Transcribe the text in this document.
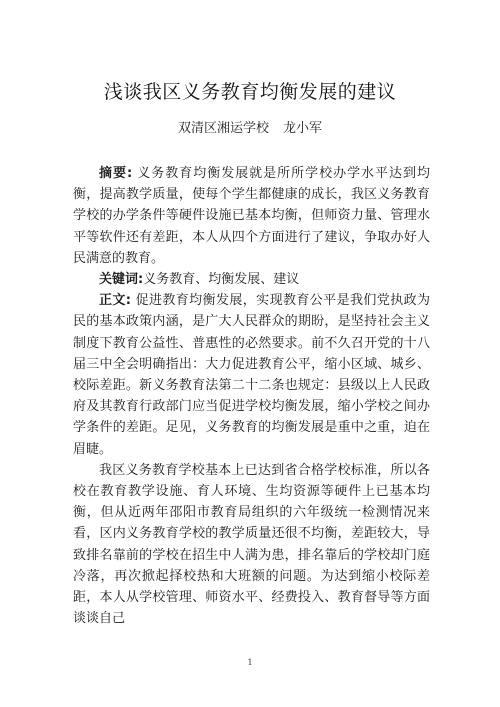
浅谈我区义务教育均衡发展的建议
双清区湘运学校 龙小军

摘要: 义务教育均衡发展就是所所学校办学水平达到均衡，提高教学质量，使每个学生都健康的成长，我区义务教育学校的办学条件等硬件设施已基本均衡，但师资力量、管理水平等软件还有差距，本人从四个方面进行了建议，争取办好人民满意的教育。

关键词:义务教育、均衡发展、建议

正文: 促进教育均衡发展，实现教育公平是我们党执政为民的基本政策内涵，是广大人民群众的期盼，是坚持社会主义制度下教育公益性、普惠性的必然要求。前不久召开党的十八届三中全会明确指出：大力促进教育公平，缩小区域、城乡、校际差距。新义务教育法第二十二条也规定：县级以上人民政府及其教育行政部门应当促进学校均衡发展，缩小学校之间办学条件的差距。足见，义务教育的均衡发展是重中之重，迫在眉睫。

我区义务教育学校基本上已达到省合格学校标准，所以各校在教育教学设施、育人环境、生均资源等硬件上已基本均衡，但从近两年邵阳市教育局组织的六年级统一检测情况来看，区内义务教育学校的教学质量还很不均衡，差距较大，导致排名靠前的学校在招生中人满为患，排名靠后的学校却门庭冷落，再次掀起择校热和大班额的问题。为达到缩小校际差距，本人从学校管理、师资水平、经费投入、教育督导等方面谈谈自己

1
